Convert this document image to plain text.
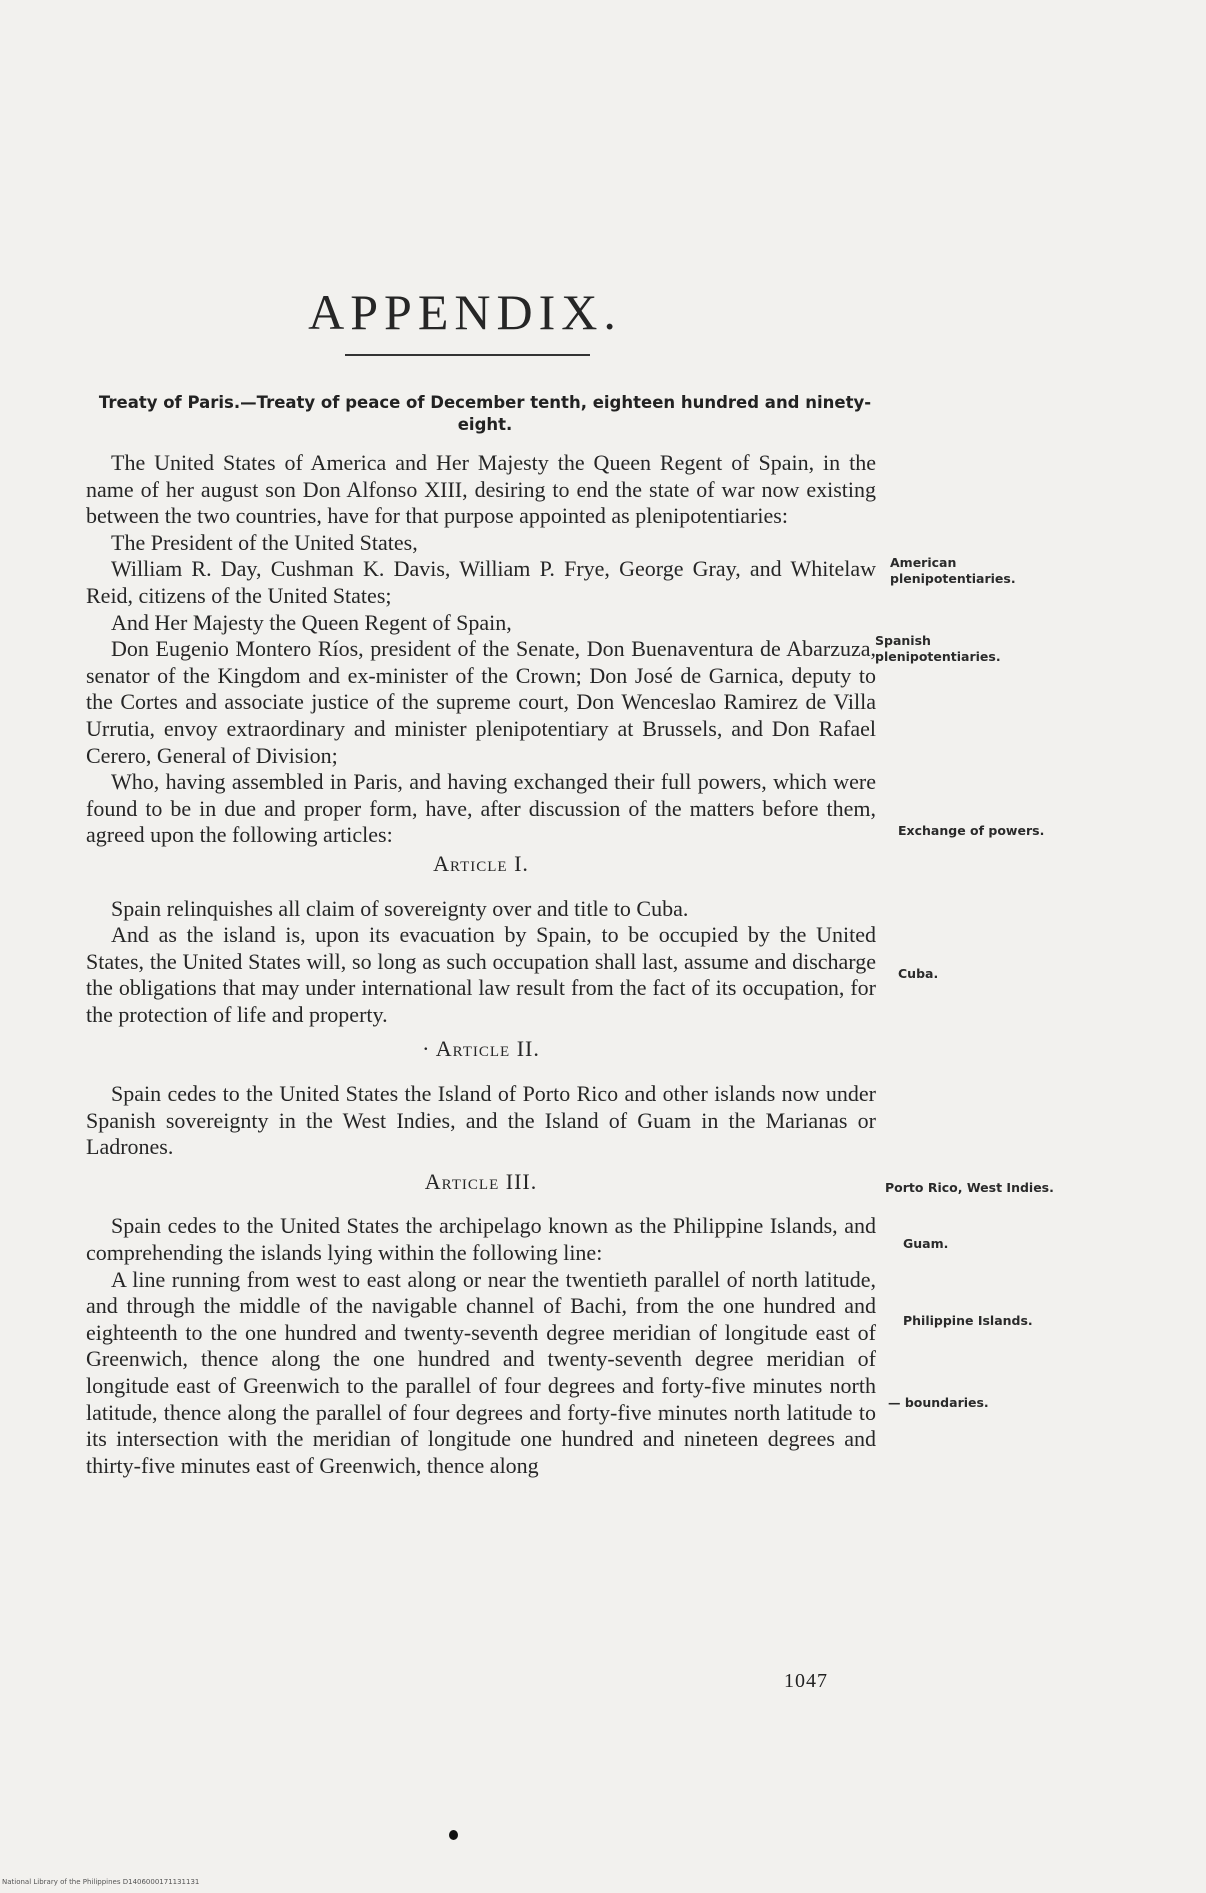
APPENDIX.
Treaty of Paris.—Treaty of peace of December tenth, eighteen hundred and ninety-eight.

The United States of America and Her Majesty the Queen Regent of Spain, in the name of her august son Don Alfonso XIII, desiring to end the state of war now existing between the two countries, have for that purpose appointed as plenipotentiaries:

The President of the United States,

William R. Day, Cushman K. Davis, William P. Frye, George Gray, and Whitelaw Reid, citizens of the United States;

And Her Majesty the Queen Regent of Spain,

Don Eugenio Montero Ríos, president of the Senate, Don Buenaventura de Abarzuza, senator of the Kingdom and ex-minister of the Crown; Don José de Garnica, deputy to the Cortes and associate justice of the supreme court, Don Wenceslao Ramirez de Villa Urrutia, envoy extraordinary and minister plenipotentiary at Brussels, and Don Rafael Cerero, General of Division;

Who, having assembled in Paris, and having exchanged their full powers, which were found to be in due and proper form, have, after discussion of the matters before them, agreed upon the following articles:

Article I.

Spain relinquishes all claim of sovereignty over and title to Cuba.

And as the island is, upon its evacuation by Spain, to be occupied by the United States, the United States will, so long as such occupation shall last, assume and discharge the obligations that may under international law result from the fact of its occupation, for the protection of life and property.

· Article II.

Spain cedes to the United States the Island of Porto Rico and other islands now under Spanish sovereignty in the West Indies, and the Island of Guam in the Marianas or Ladrones.

Article III.

Spain cedes to the United States the archipelago known as the Philippine Islands, and comprehending the islands lying within the following line:

A line running from west to east along or near the twentieth parallel of north latitude, and through the middle of the navigable channel of Bachi, from the one hundred and eighteenth to the one hundred and twenty-seventh degree meridian of longitude east of Greenwich, thence along the one hundred and twenty-seventh degree meridian of longitude east of Greenwich to the parallel of four degrees and forty-five minutes north latitude, thence along the parallel of four degrees and forty-five minutes north latitude to its intersection with the meridian of longitude one hundred and nineteen degrees and thirty-five minutes east of Greenwich, thence along

American plenipotentiaries.
Spanish plenipotentiaries.
Exchange of powers.
Cuba.
Porto Rico, West Indies.
Guam.
Philippine Islands.
— boundaries.
1047
National Library of the Philippines D1406000171131131
